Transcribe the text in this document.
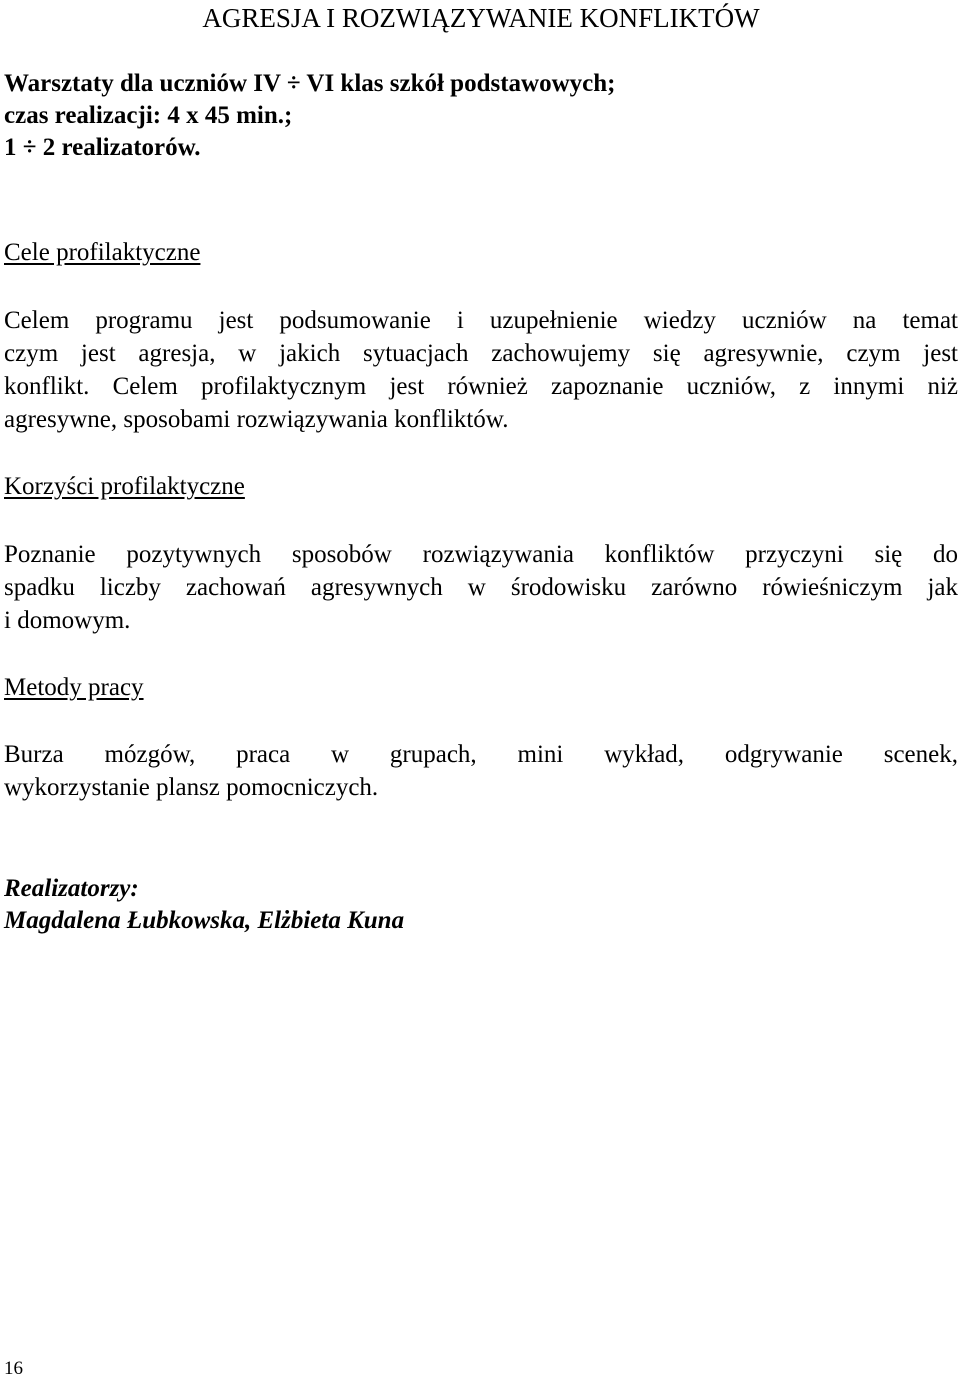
AGRESJA I ROZWIĄZYWANIE KONFLIKTÓW
Warsztaty dla uczniów IV ÷ VI klas szkół podstawowych;
czas realizacji: 4 x 45 min.;
1 ÷ 2 realizatorów.
Cele profilaktyczne
Celem programu jest podsumowanie i uzupełnienie wiedzy uczniów na temat
czym jest agresja, w jakich sytuacjach zachowujemy się agresywnie, czym jest
konflikt. Celem profilaktycznym jest również zapoznanie uczniów, z innymi niż
agresywne, sposobami rozwiązywania konfliktów.
Korzyści profilaktyczne
Poznanie pozytywnych sposobów rozwiązywania konfliktów przyczyni się do
spadku liczby zachowań agresywnych w środowisku zarówno rówieśniczym jak
i domowym.
Metody pracy
Burza mózgów, praca w grupach, mini wykład, odgrywanie scenek,
wykorzystanie plansz pomocniczych.
Realizatorzy:
Magdalena Łubkowska, Elżbieta Kuna
16
